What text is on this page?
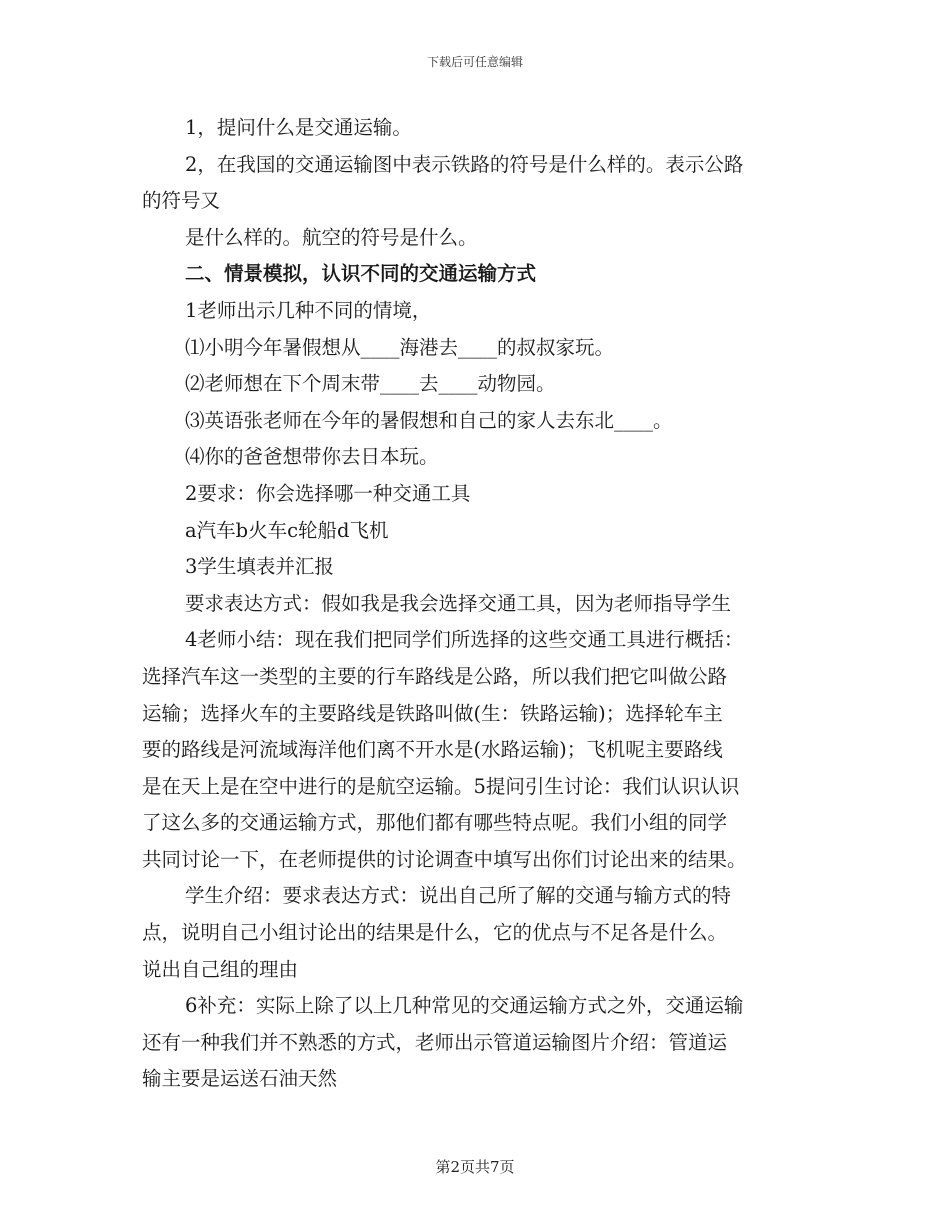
下载后可任意编辑
1，提问什么是交通运输。
2，在我国的交通运输图中表示铁路的符号是什么样的。表示公路
的符号又
是什么样的。航空的符号是什么。
二、情景模拟，认识不同的交通运输方式
1老师出示几种不同的情境，
⑴小明今年暑假想从____海港去____的叔叔家玩。
⑵老师想在下个周末带____去____动物园。
⑶英语张老师在今年的暑假想和自己的家人去东北____。
⑷你的爸爸想带你去日本玩。
2要求：你会选择哪一种交通工具
a汽车b火车c轮船d飞机
3学生填表并汇报
要求表达方式：假如我是我会选择交通工具，因为老师指导学生
4老师小结：现在我们把同学们所选择的这些交通工具进行概括：
选择汽车这一类型的主要的行车路线是公路，所以我们把它叫做公路
运输；选择火车的主要路线是铁路叫做(生：铁路运输)；选择轮车主
要的路线是河流域海洋他们离不开水是(水路运输)；飞机呢主要路线
是在天上是在空中进行的是航空运输。5提问引生讨论：我们认识认识
了这么多的交通运输方式，那他们都有哪些特点呢。我们小组的同学
共同讨论一下，在老师提供的讨论调查中填写出你们讨论出来的结果。
学生介绍：要求表达方式：说出自己所了解的交通与输方式的特
点，说明自己小组讨论出的结果是什么，它的优点与不足各是什么。
说出自己组的理由
6补充：实际上除了以上几种常见的交通运输方式之外，交通运输
还有一种我们并不熟悉的方式，老师出示管道运输图片介绍：管道运
输主要是运送石油天然
第2页共7页
